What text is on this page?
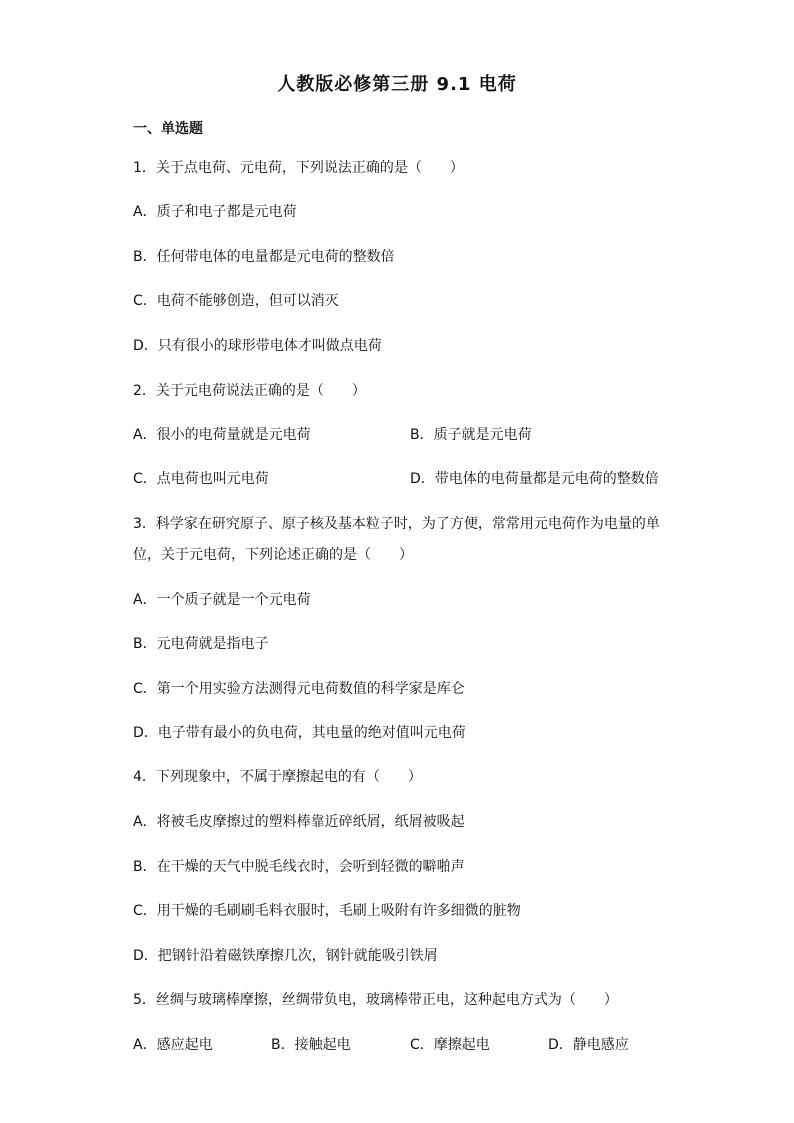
人教版必修第三册 9.1 电荷
一、单选题
1．关于点电荷、元电荷，下列说法正确的是（　　）
A．质子和电子都是元电荷
B．任何带电体的电量都是元电荷的整数倍
C．电荷不能够创造，但可以消灭
D．只有很小的球形带电体才叫做点电荷
2．关于元电荷说法正确的是（　　）
A．很小的电荷量就是元电荷	B．质子就是元电荷
C．点电荷也叫元电荷	D．带电体的电荷量都是元电荷的整数倍
3．科学家在研究原子、原子核及基本粒子时，为了方便，常常用元电荷作为电量的单
位，关于元电荷，下列论述正确的是（　　）
A．一个质子就是一个元电荷
B．元电荷就是指电子
C．第一个用实验方法测得元电荷数值的科学家是库仑
D．电子带有最小的负电荷，其电量的绝对值叫元电荷
4．下列现象中，不属于摩擦起电的有（　　）
A．将被毛皮摩擦过的塑料棒靠近碎纸屑，纸屑被吸起
B．在干燥的天气中脱毛线衣时，会听到轻微的噼啪声
C．用干燥的毛刷刷毛料衣服时，毛刷上吸附有许多细微的脏物
D．把钢针沿着磁铁摩擦几次，钢针就能吸引铁屑
5．丝绸与玻璃棒摩擦，丝绸带负电，玻璃棒带正电，这种起电方式为（　　）
A．感应起电	B．接触起电	C．摩擦起电	D．静电感应
